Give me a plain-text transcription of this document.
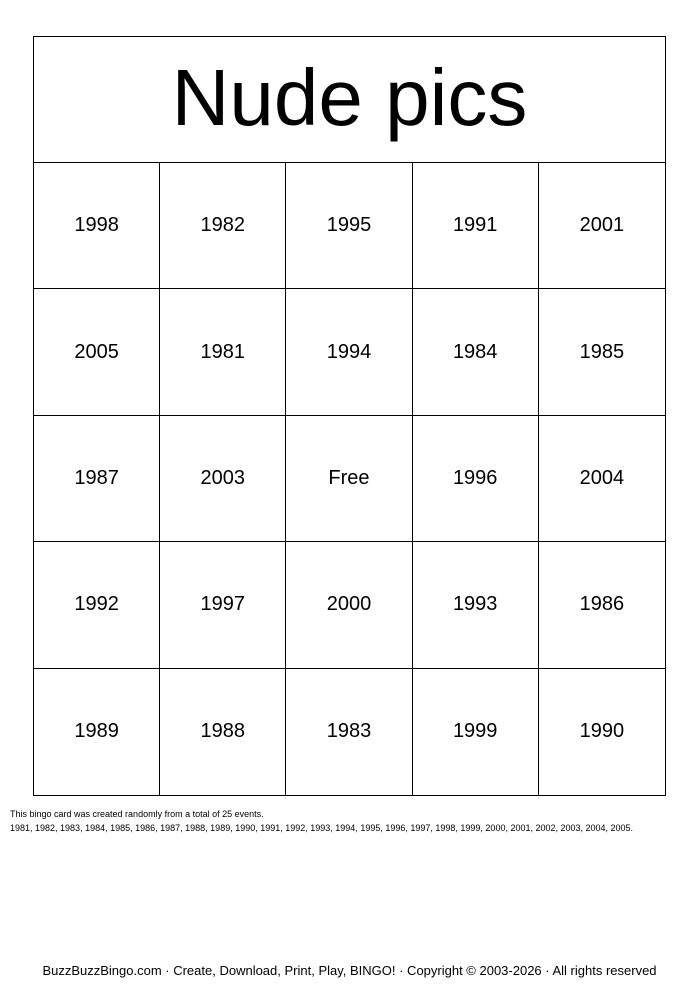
Nude pics
1998	1982	1995	1991	2001
2005	1981	1994	1984	1985
1987	2003	Free	1996	2004
1992	1997	2000	1993	1986
1989	1988	1983	1999	1990
This bingo card was created randomly from a total of 25 events.
1981, 1982, 1983, 1984, 1985, 1986, 1987, 1988, 1989, 1990, 1991, 1992, 1993, 1994, 1995, 1996, 1997, 1998, 1999, 2000, 2001, 2002, 2003, 2004, 2005.
BuzzBuzzBingo.com · Create, Download, Print, Play, BINGO! · Copyright © 2003-2026 · All rights reserved
